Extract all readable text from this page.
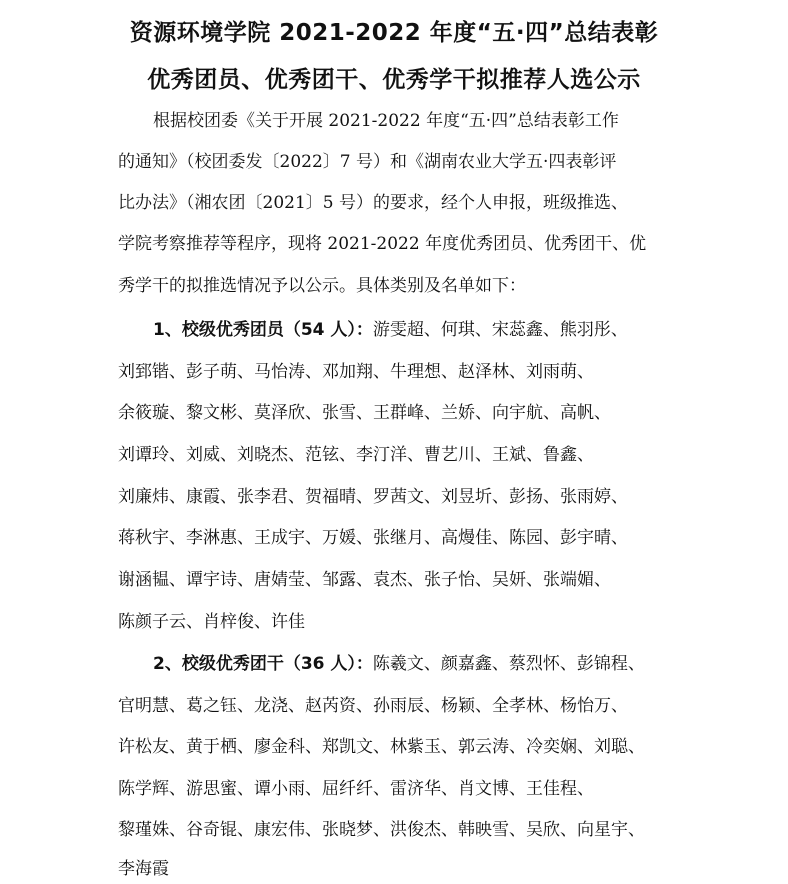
资源环境学院 2021-2022 年度“五·四”总结表彰
优秀团员、优秀团干、优秀学干拟推荐人选公示

根据校团委《关于开展 2021-2022 年度“五·四”总结表彰工作

的通知》（校团委发〔2022〕7 号）和《湖南农业大学五·四表彰评

比办法》（湘农团〔2021〕5 号）的要求，经个人申报，班级推选、

学院考察推荐等程序，现将 2021-2022 年度优秀团员、优秀团干、优

秀学干的拟推选情况予以公示。具体类别及名单如下：

1、校级优秀团员（54 人）：游雯超、何琪、宋蕊鑫、熊羽彤、

刘郅锴、彭子萌、马怡涛、邓加翔、牛理想、赵泽林、刘雨萌、

余筱璇、黎文彬、莫泽欣、张雪、王群峰、兰娇、向宇航、高帆、

刘谭玲、刘威、刘晓杰、范铉、李汀洋、曹艺川、王斌、鲁鑫、

刘廉炜、康霞、张李君、贺福晴、罗茜文、刘昱圻、彭扬、张雨婷、

蒋秋宇、李淋惠、王成宇、万媛、张继月、高熳佳、陈园、彭宇晴、

谢涵韫、谭宇诗、唐婧莹、邹露、袁杰、张子怡、吴妍、张端媚、

陈颜子云、肖梓俊、许佳

2、校级优秀团干（36 人）：陈羲文、颜嘉鑫、蔡烈怀、彭锦程、

官明慧、葛之钰、龙浇、赵芮资、孙雨辰、杨颖、全孝林、杨怡万、

许松友、黄于栖、廖金科、郑凯文、林紫玉、郭云涛、冷奕娴、刘聪、

陈学辉、游思蜜、谭小雨、屈纤纤、雷济华、肖文博、王佳程、

黎瑾姝、谷奇锟、康宏伟、张晓梦、洪俊杰、韩映雪、吴欣、向星宇、

李海霞
